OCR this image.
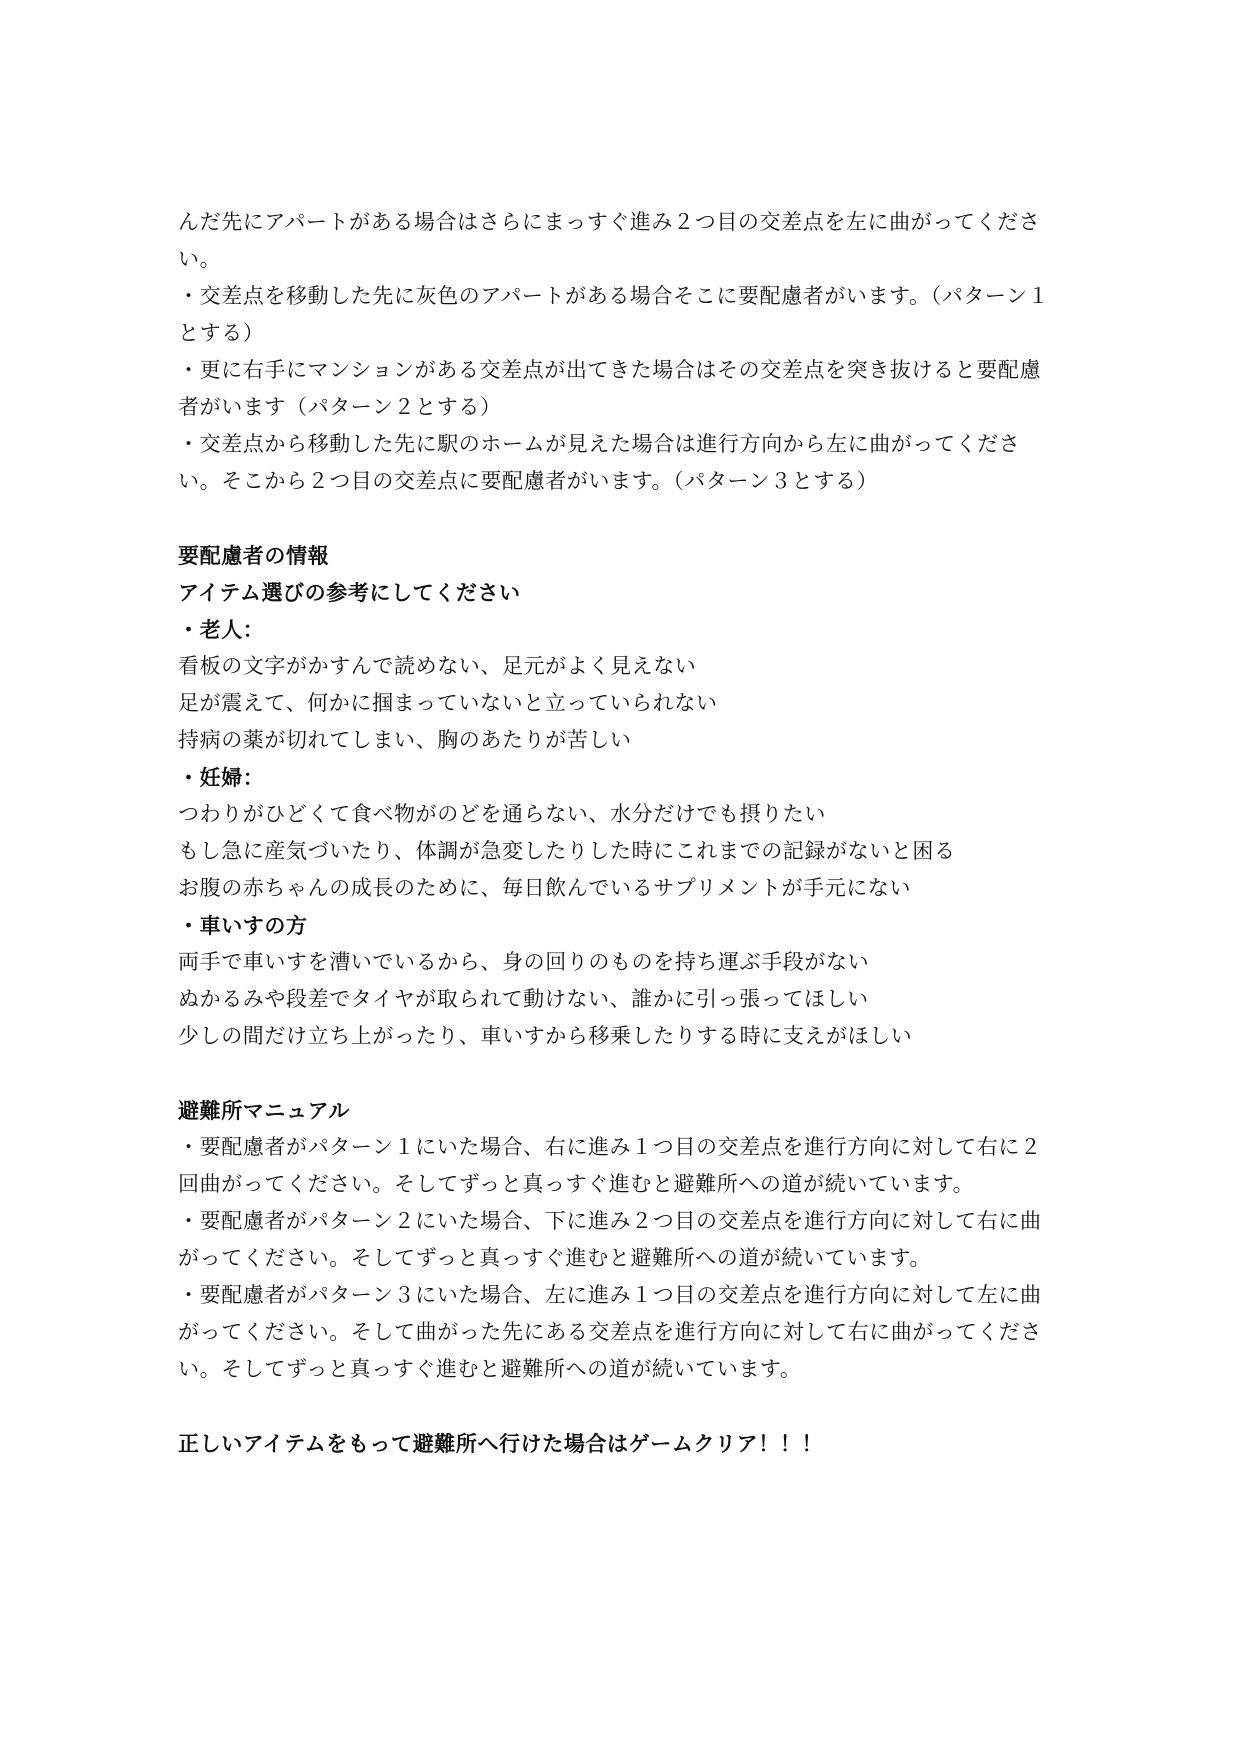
んだ先にアパートがある場合はさらにまっすぐ進み２つ目の交差点を左に曲がってくださ
い。
・交差点を移動した先に灰色のアパートがある場合そこに要配慮者がいます。（パターン１
とする）
・更に右手にマンションがある交差点が出てきた場合はその交差点を突き抜けると要配慮
者がいます（パターン２とする）
・交差点から移動した先に駅のホームが見えた場合は進行方向から左に曲がってくださ
い。そこから２つ目の交差点に要配慮者がいます。（パターン３とする）
要配慮者の情報
アイテム選びの参考にしてください
・老人：
看板の文字がかすんで読めない、足元がよく見えない
足が震えて、何かに掴まっていないと立っていられない
持病の薬が切れてしまい、胸のあたりが苦しい
・妊婦：
つわりがひどくて食べ物がのどを通らない、水分だけでも摂りたい
もし急に産気づいたり、体調が急変したりした時にこれまでの記録がないと困る
お腹の赤ちゃんの成長のために、毎日飲んでいるサプリメントが手元にない
・車いすの方
両手で車いすを漕いでいるから、身の回りのものを持ち運ぶ手段がない
ぬかるみや段差でタイヤが取られて動けない、誰かに引っ張ってほしい
少しの間だけ立ち上がったり、車いすから移乗したりする時に支えがほしい
避難所マニュアル
・要配慮者がパターン１にいた場合、右に進み１つ目の交差点を進行方向に対して右に２
回曲がってください。そしてずっと真っすぐ進むと避難所への道が続いています。
・要配慮者がパターン２にいた場合、下に進み２つ目の交差点を進行方向に対して右に曲
がってください。そしてずっと真っすぐ進むと避難所への道が続いています。
・要配慮者がパターン３にいた場合、左に進み１つ目の交差点を進行方向に対して左に曲
がってください。そして曲がった先にある交差点を進行方向に対して右に曲がってくださ
い。そしてずっと真っすぐ進むと避難所への道が続いています。
正しいアイテムをもって避難所へ行けた場合はゲームクリア！！！
